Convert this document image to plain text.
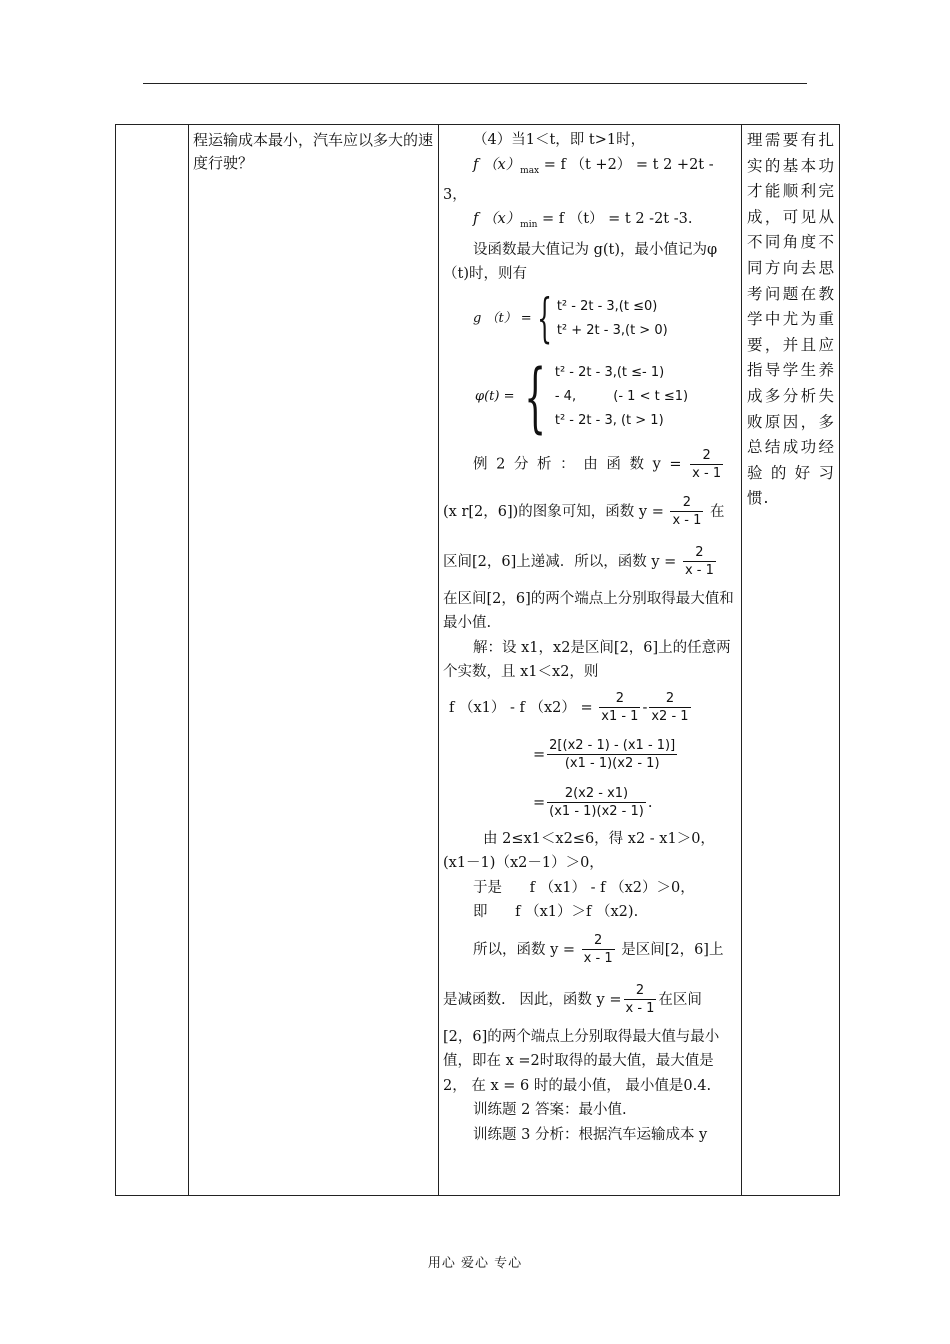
程运输成本最小，汽车应以多大的速度行驶？

（4）当1＜t，即 t>1时，
f $(x)_{max} = f$ （t +2） = t 2 +2t -
3，
f $(x)_{min} = f$ （t） = t 2 -2t -3.
设函数最大值记为 g(t)，最小值记为φ（t)时，则有
g （t） = { t² - 2t - 3,(t ≤0)
t² + 2t - 3,(t > 0)
φ(t) = { t² - 2t - 3,(t ≤- 1)
- 4,         (- 1 < t ≤1)
t² - 2t - 3, (t > 1)
例 2 分 析 ： 由 函 数 $y = \frac{2}{x - 1}$
(x r[2，6])的图象可知，函数 $y = \frac{2}{x - 1}$ 在
区间[2，6]上递减．所以，函数 $y = \frac{2}{x - 1}$
在区间[2，6]的两个端点上分别取得最大值和最小值.
解：设 x1，x2是区间[2，6]上的任意两个实数，且 x1＜x2，则
f （x1） - f $(x2) = \frac{2}{x1 - 1} - \frac{2}{x2 - 1}$
= $\frac{2[(x2 - 1) - (x1 - 1)]}{(x1 - 1)(x2 - 1)}$
= $\frac{2(x2 - x1)}{(x1 - 1)(x2 - 1)}$ .
由 2≤x1＜x2≤6，得 x2 - x1＞0，(x1－1)（x2－1）＞0，
于是      f （x1） - f （x2）＞0，
即      f （x1）＞f （x2).
所以，函数 $y = \frac{2}{x - 1}$ 是区间[2，6]上
是减函数.   因此，函数 $y = \frac{2}{x - 1}$ 在区间
[2，6]的两个端点上分别取得最大值与最小值，即在 x =2时取得的最大值，最大值是 2， 在 x = 6 时的最小值， 最小值是0.4.
训练题 2 答案：最小值.
训练题 3 分析：根据汽车运输成本 y

理需要有扎实的基本功才能顺利完成，可见从不同角度不同方向去思考问题在教学中尤为重要，并且应指导学生养成多分析失败原因，多总结成功经验的好习惯.
用心 爱心 专心
